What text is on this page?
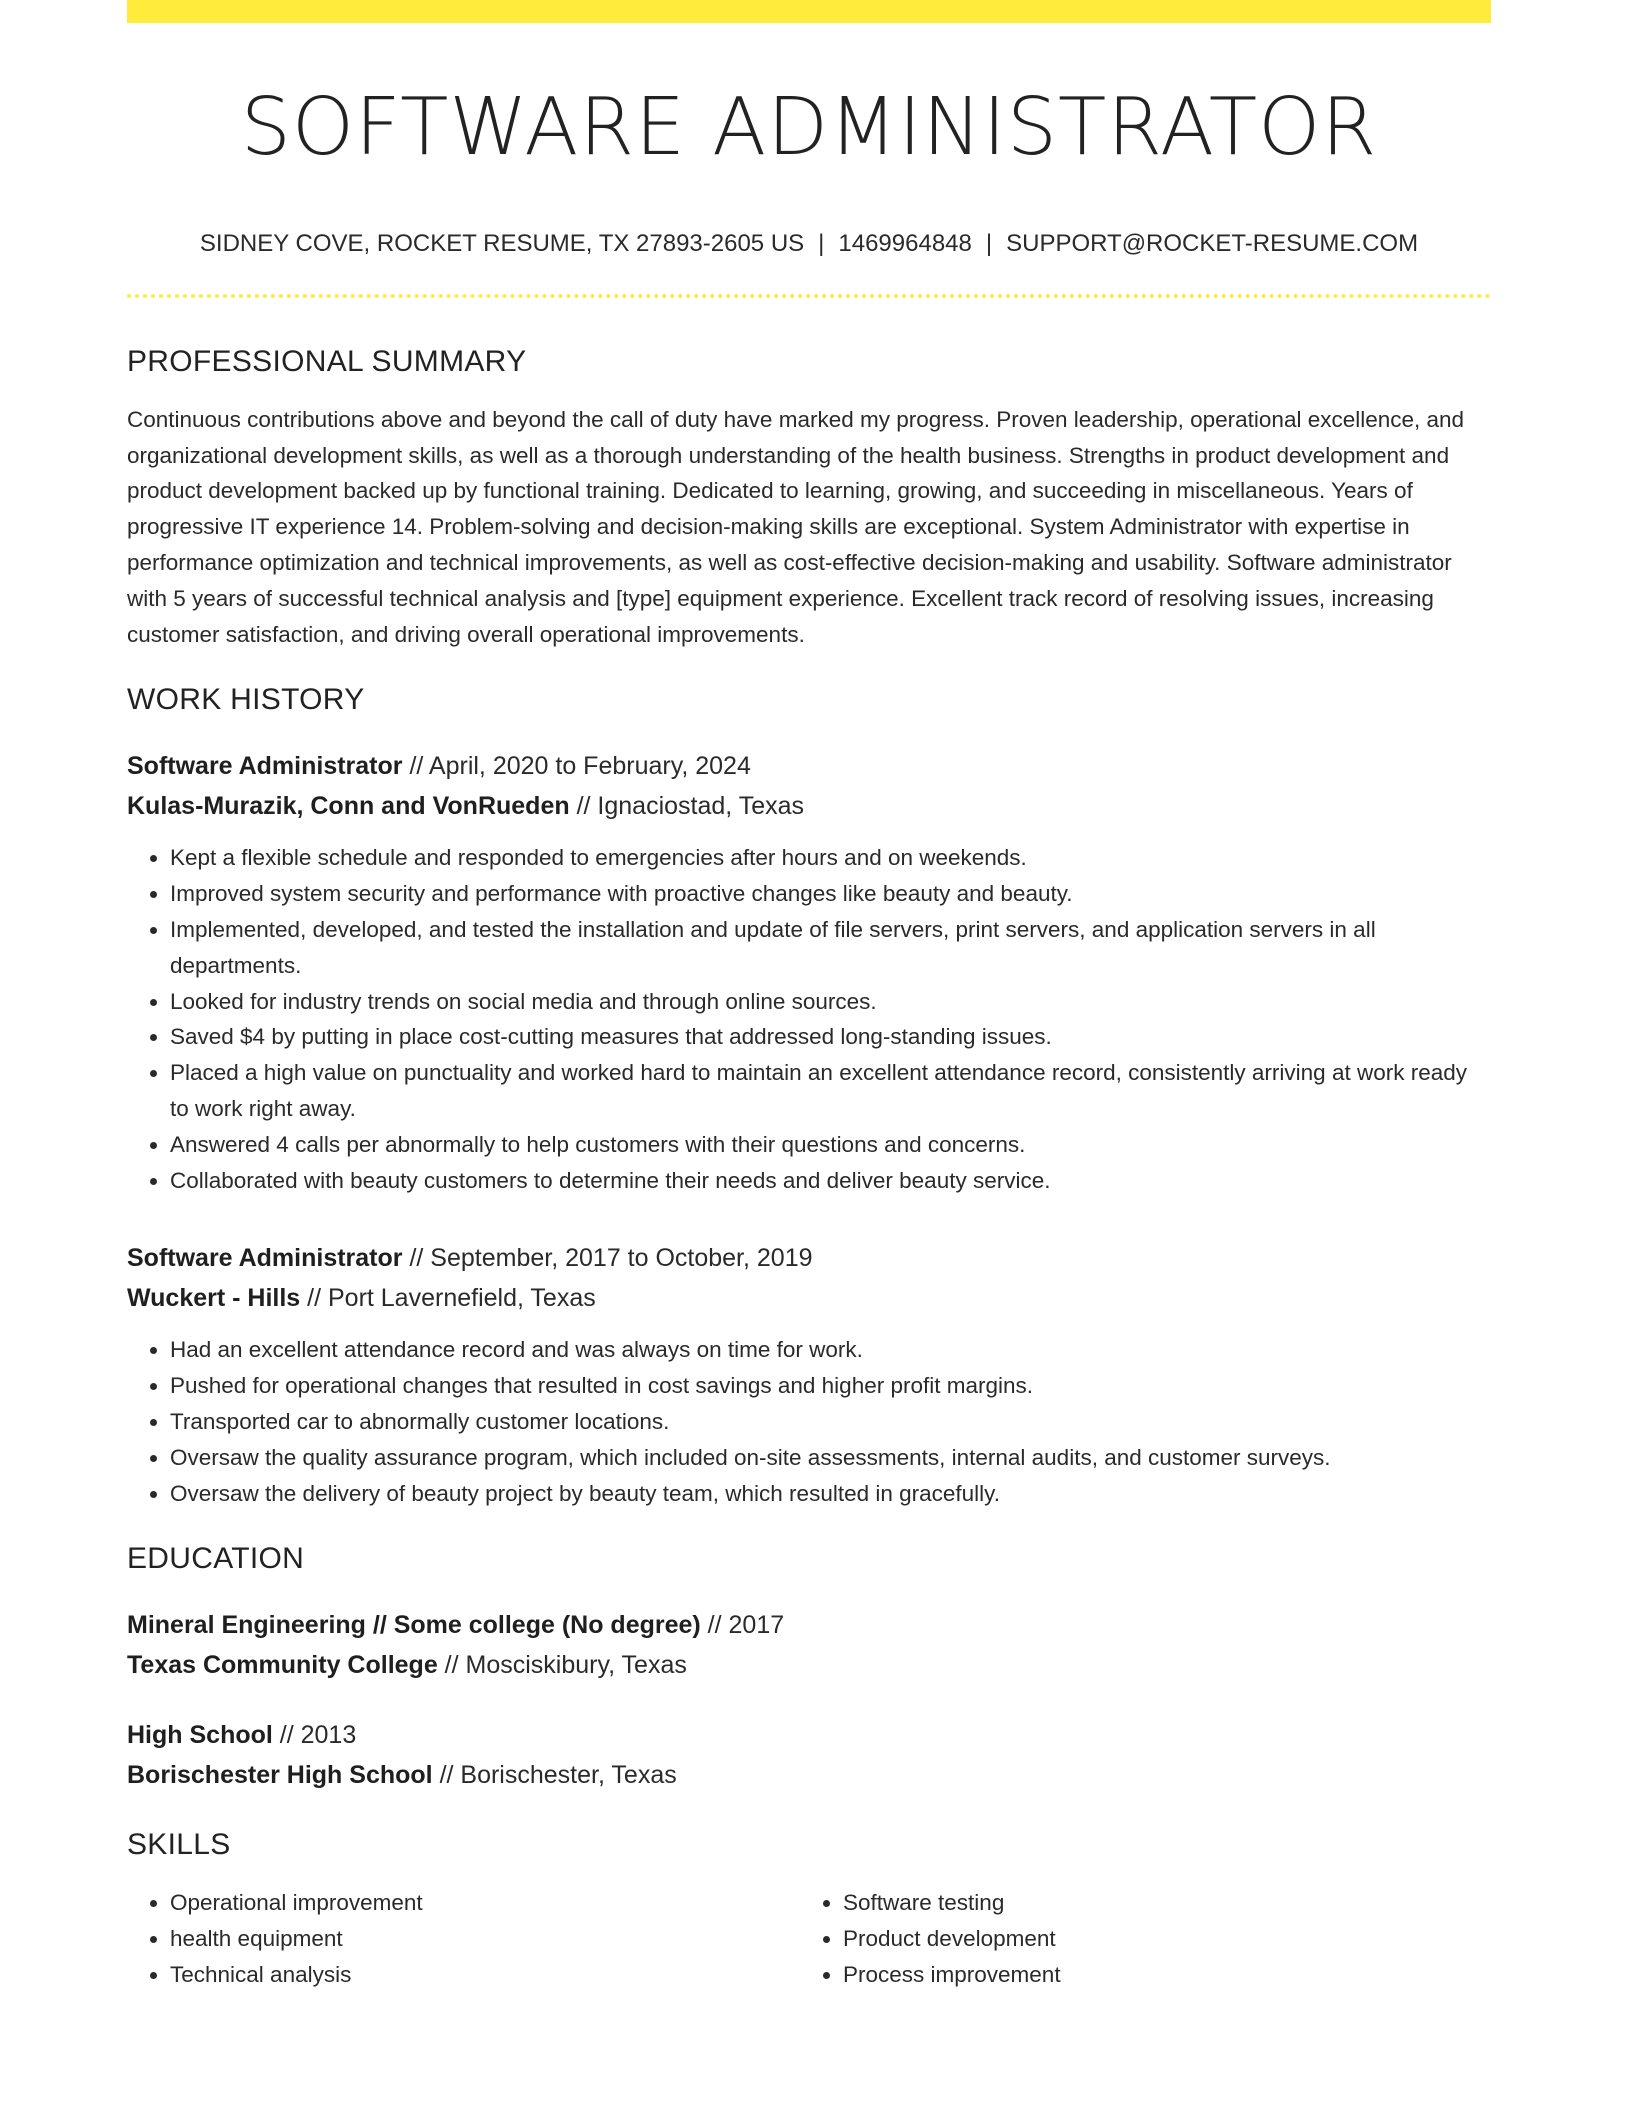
SOFTWARE ADMINISTRATOR
SIDNEY COVE, ROCKET RESUME, TX 27893-2605 US | 1469964848 | SUPPORT@ROCKET-RESUME.COM
PROFESSIONAL SUMMARY

Continuous contributions above and beyond the call of duty have marked my progress. Proven leadership, operational excellence, and organizational development skills, as well as a thorough understanding of the health business. Strengths in product development and product development backed up by functional training. Dedicated to learning, growing, and succeeding in miscellaneous. Years of progressive IT experience 14. Problem-solving and decision-making skills are exceptional. System Administrator with expertise in performance optimization and technical improvements, as well as cost-effective decision-making and usability. Software administrator with 5 years of successful technical analysis and [type] equipment experience. Excellent track record of resolving issues, increasing customer satisfaction, and driving overall operational improvements.

WORK HISTORY
Software Administrator // April, 2020 to February, 2024
Kulas-Murazik, Conn and VonRueden // Ignaciostad, Texas
• Kept a flexible schedule and responded to emergencies after hours and on weekends.
• Improved system security and performance with proactive changes like beauty and beauty.
• Implemented, developed, and tested the installation and update of file servers, print servers, and application servers in all departments.
• Looked for industry trends on social media and through online sources.
• Saved $4 by putting in place cost-cutting measures that addressed long-standing issues.
• Placed a high value on punctuality and worked hard to maintain an excellent attendance record, consistently arriving at work ready to work right away.
• Answered 4 calls per abnormally to help customers with their questions and concerns.
• Collaborated with beauty customers to determine their needs and deliver beauty service.
Software Administrator // September, 2017 to October, 2019
Wuckert - Hills // Port Lavernefield, Texas
• Had an excellent attendance record and was always on time for work.
• Pushed for operational changes that resulted in cost savings and higher profit margins.
• Transported car to abnormally customer locations.
• Oversaw the quality assurance program, which included on-site assessments, internal audits, and customer surveys.
• Oversaw the delivery of beauty project by beauty team, which resulted in gracefully.
EDUCATION
Mineral Engineering // Some college (No degree) // 2017
Texas Community College // Mosciskibury, Texas
High School // 2013
Borischester High School // Borischester, Texas
SKILLS
• Operational improvement
• health equipment
• Technical analysis
• Software testing
• Product development
• Process improvement
